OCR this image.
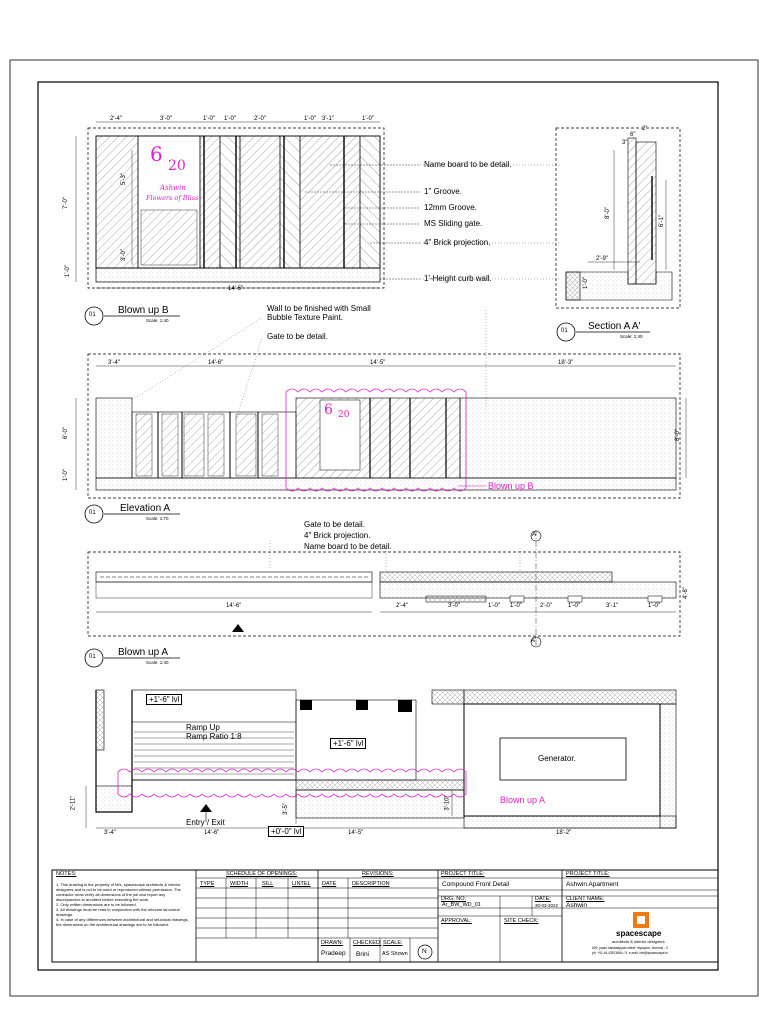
2'-4"	3'-0"	1'-0" 1'-0"	2'-0"	1'-0" 3'-1"	1'-0"
7'-0"
5'-3"
3'-0"
1'-0"
14'-5"
6 20
Ashwin
Flowers of Bliss
Name board to be detail.
1" Groove.
12mm Groove.
MS Sliding gate.
4" Brick projection.
1'-Height curb wall.
01 Blown up B
Scale: 1:40
2"
6"
3"
8'-0"
6'-1"
2'-9"
1'-0"
01 Section A A'
Scale: 1:40
Wall to be finished with Small
Bubble Texture Paint.
Gate to be detail.
3'-4"	14'-6"	14'-5"	18'-3"
6'-0"
1'-0"
8'-0"
6 20
Blown up B
01 Elevation A
Scale: 1:70
Gate to be detail.
4" Brick projection.
Name board to be detail.
A
A'
14'-6"	2'-4"	3'-0"	1'-0" 1'-0"	2'-0"	1'-0"	3'-1"	1'-0"
4'-8"
01 Blown up A
Scale: 1:40
+1'-6" lvl
+1'-6" lvl
+0'-0" lvl
Ramp Up
Ramp Ratio 1:8
Generator.
Entry / Exit
Blown up A
3'-4"	14'-6"	14'-5"	18'-2"
2'-11"	3'-5"	3'-10"
NOTES:
1. This drawing is the property of M/s. spacescape architects & interior designers and is not to be used or reproduced without permission. The contractor must verify all dimensions of the job and report any discrepancies to architect before executing the work.
2. Only written dimensions are to be followed.
3. All drawings must be read in conjunction with the relevant structural drawings.
4. In case of any differences between architectural and structural drawings, the dimensions on the architectural drawings are to be followed.
SCHEDULE OF OPENINGS:
TYPE	WIDTH	SILL	LINTEL
REVISIONS:
DATE	DESCRIPTION
DRAWN:
Pradeep
CHECKED:
Brini
SCALE:
AS Shown N
PROJECT TITLE:
Compound Front Detail
DRG. NO:
Ar_BW_WD_01
DATE:
30-03-2022
APPROVAL:	SITE CHECK:
PROJECT TITLE:
Ashwin Apartment
CLIENT NAME:
Ashwin
spacescape
architects & interior designers
#29, pudur kandaiappan street, mylapore, chennai - 4
ph: +91-44-43574664 / 5, e-mail: info@spacescape.in
